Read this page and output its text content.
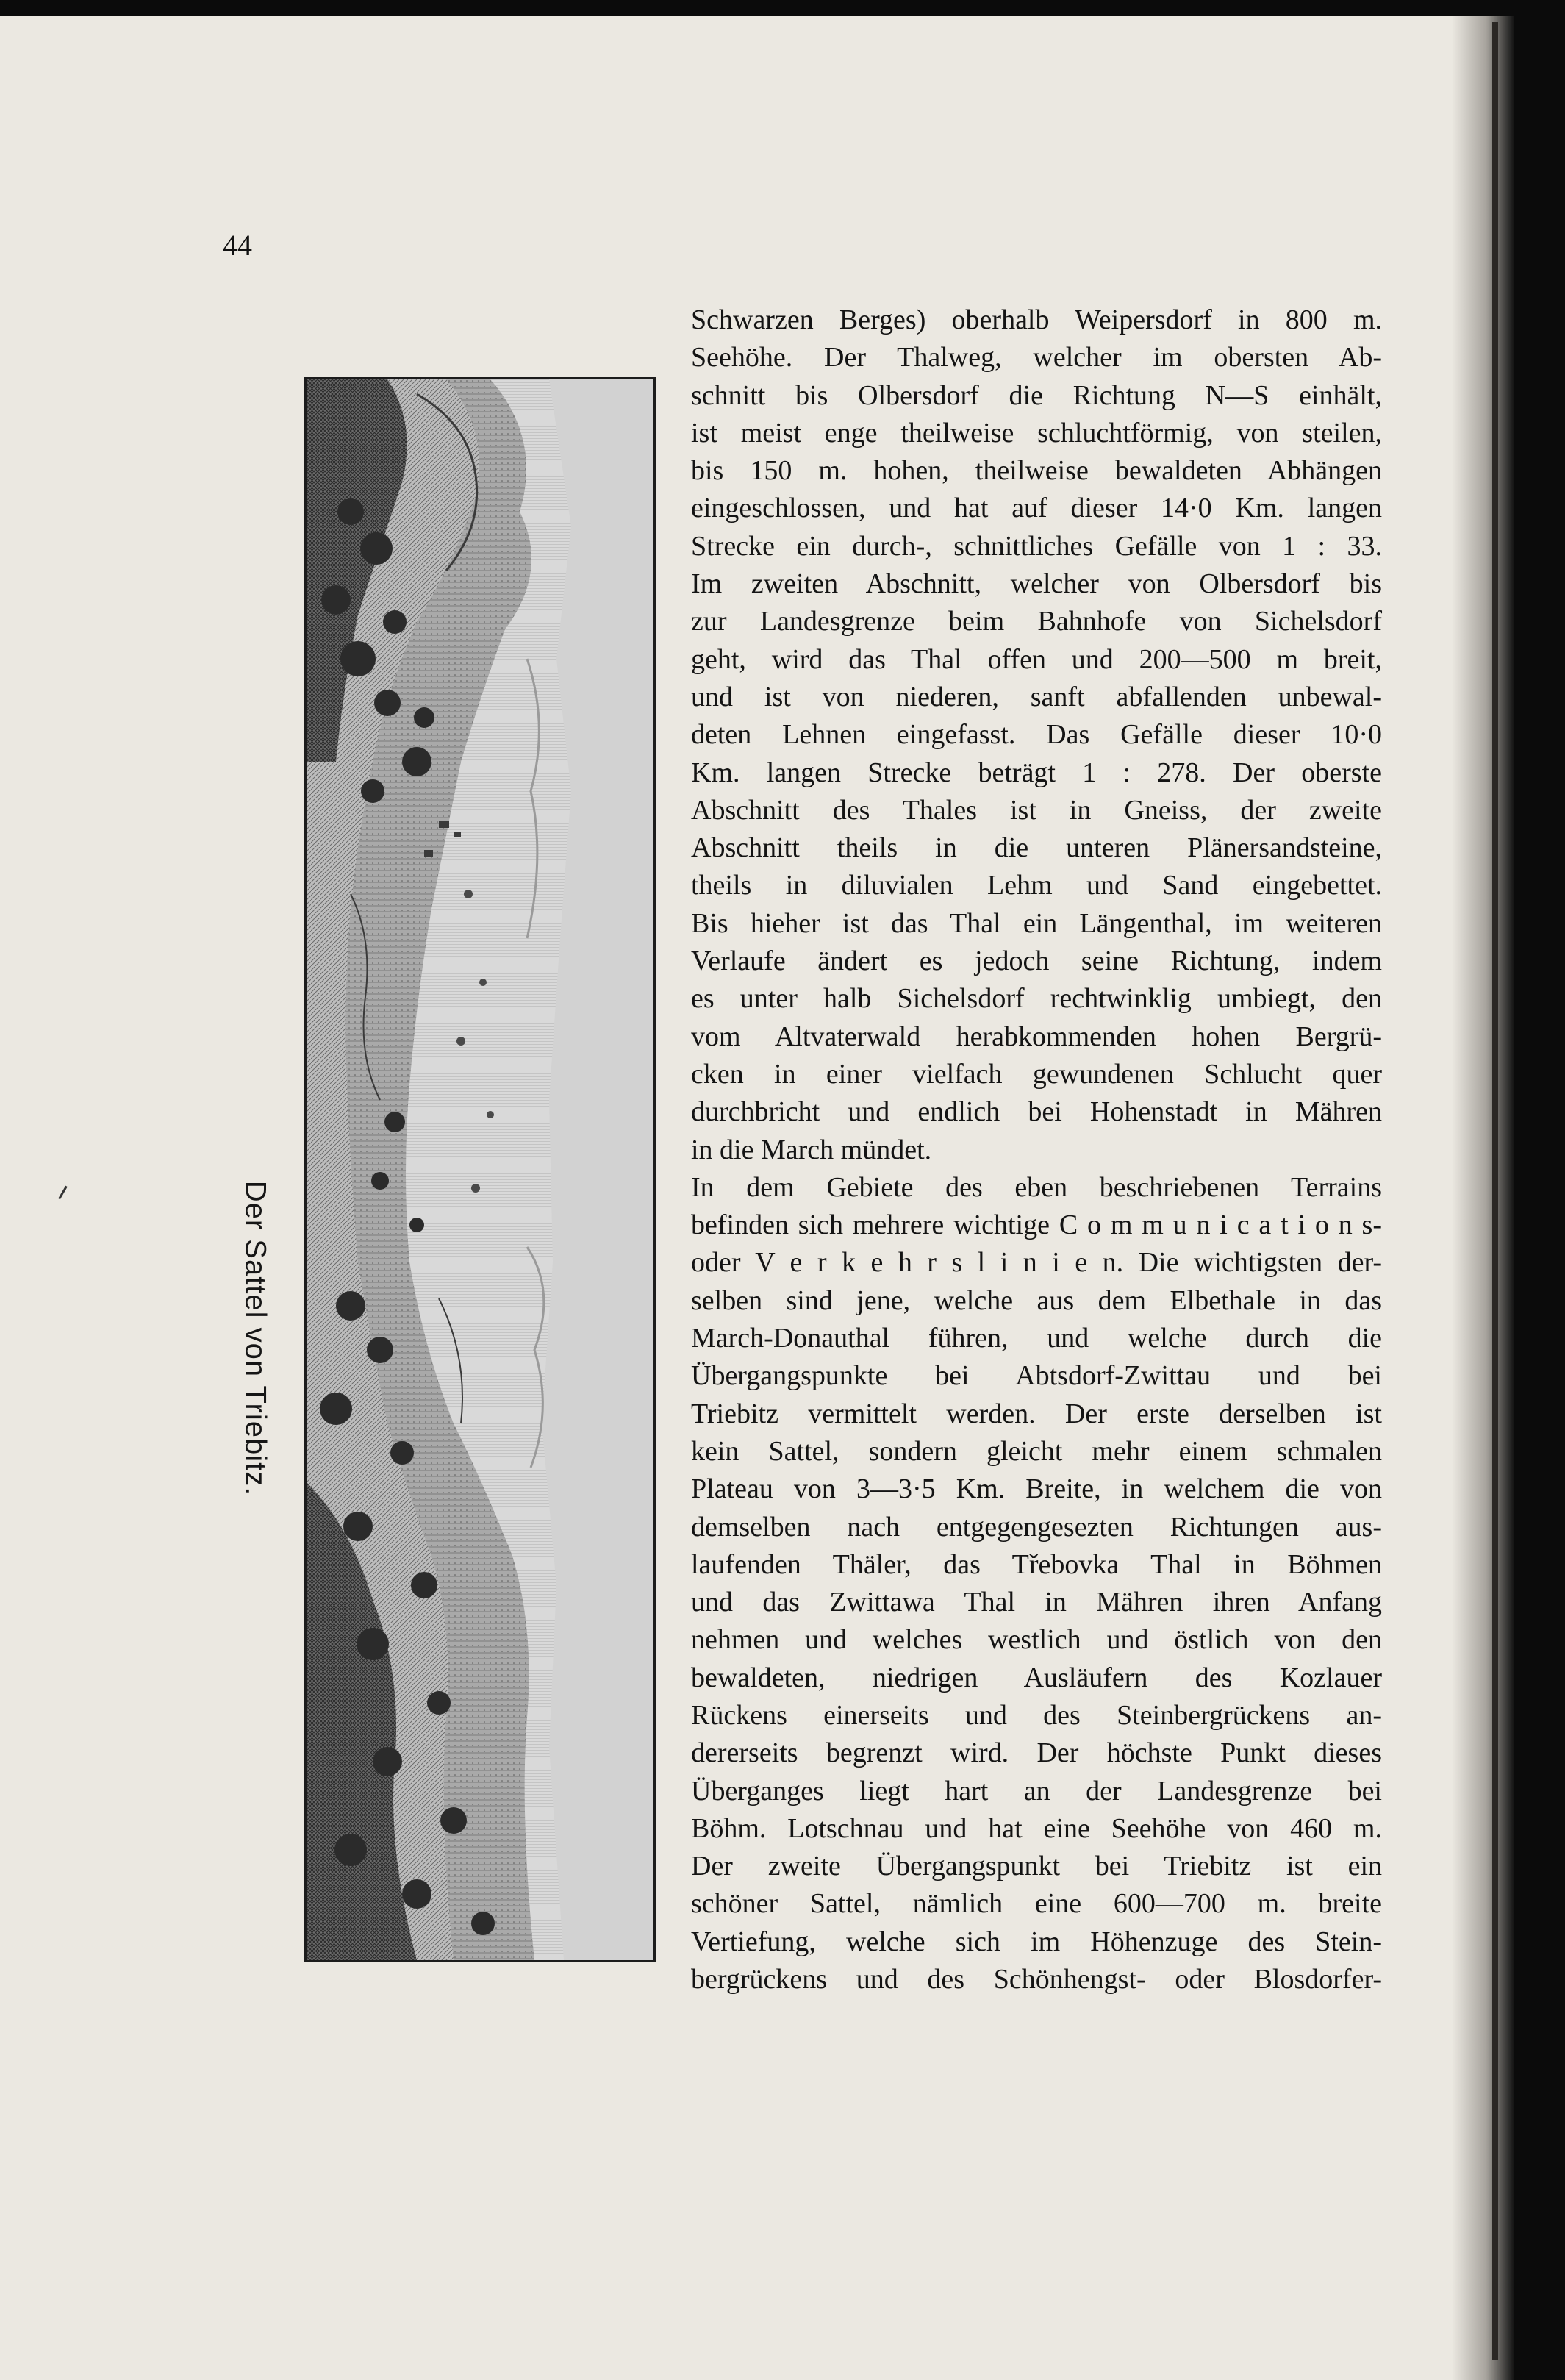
44
Der Sattel von Triebitz.
Schwarzen Berges) oberhalb Weipersdorf in 800 m.
Seehöhe. Der Thalweg, welcher im obersten Ab-
schnitt bis Olbersdorf die Richtung N—S einhält,
ist meist enge theilweise schluchtförmig, von steilen,
bis 150 m. hohen, theilweise bewaldeten Abhängen
eingeschlossen, und hat auf dieser 14·0 Km. langen
Strecke ein durch-, schnittliches Gefälle von 1 : 33.
Im zweiten Abschnitt, welcher von Olbersdorf bis
zur Landesgrenze beim Bahnhofe von Sichelsdorf
geht, wird das Thal offen und 200—500 m breit,
und ist von niederen, sanft abfallenden unbewal-
deten Lehnen eingefasst. Das Gefälle dieser 10·0
Km. langen Strecke beträgt 1 : 278. Der oberste
Abschnitt des Thales ist in Gneiss, der zweite
Abschnitt theils in die unteren Plänersandsteine,
theils in diluvialen Lehm und Sand eingebettet.
Bis hieher ist das Thal ein Längenthal, im weiteren
Verlaufe ändert es jedoch seine Richtung, indem
es unter halb Sichelsdorf rechtwinklig umbiegt, den
vom Altvaterwald herabkommenden hohen Bergrü-
cken in einer vielfach gewundenen Schlucht quer
durchbricht und endlich bei Hohenstadt in Mähren
in die March mündet.
In dem Gebiete des eben beschriebenen Terrains
befinden sich mehrere wichtige C o m m u n i c a t i o n s-
oder V e r k e h r s l i n i e n. Die wichtigsten der-
selben sind jene, welche aus dem Elbethale in das
March-Donauthal führen, und welche durch die
Übergangspunkte bei Abtsdorf-Zwittau und bei
Triebitz vermittelt werden. Der erste derselben ist
kein Sattel, sondern gleicht mehr einem schmalen
Plateau von 3—3·5 Km. Breite, in welchem die von
demselben nach entgegengesezten Richtungen aus-
laufenden Thäler, das Třebovka Thal in Böhmen
und das Zwittawa Thal in Mähren ihren Anfang
nehmen und welches westlich und östlich von den
bewaldeten, niedrigen Ausläufern des Kozlauer
Rückens einerseits und des Steinbergrückens an-
dererseits begrenzt wird. Der höchste Punkt dieses
Überganges liegt hart an der Landesgrenze bei
Böhm. Lotschnau und hat eine Seehöhe von 460 m.
Der zweite Übergangspunkt bei Triebitz ist ein
schöner Sattel, nämlich eine 600—700 m. breite
Vertiefung, welche sich im Höhenzuge des Stein-
bergrückens und des Schönhengst- oder Blosdorfer-
